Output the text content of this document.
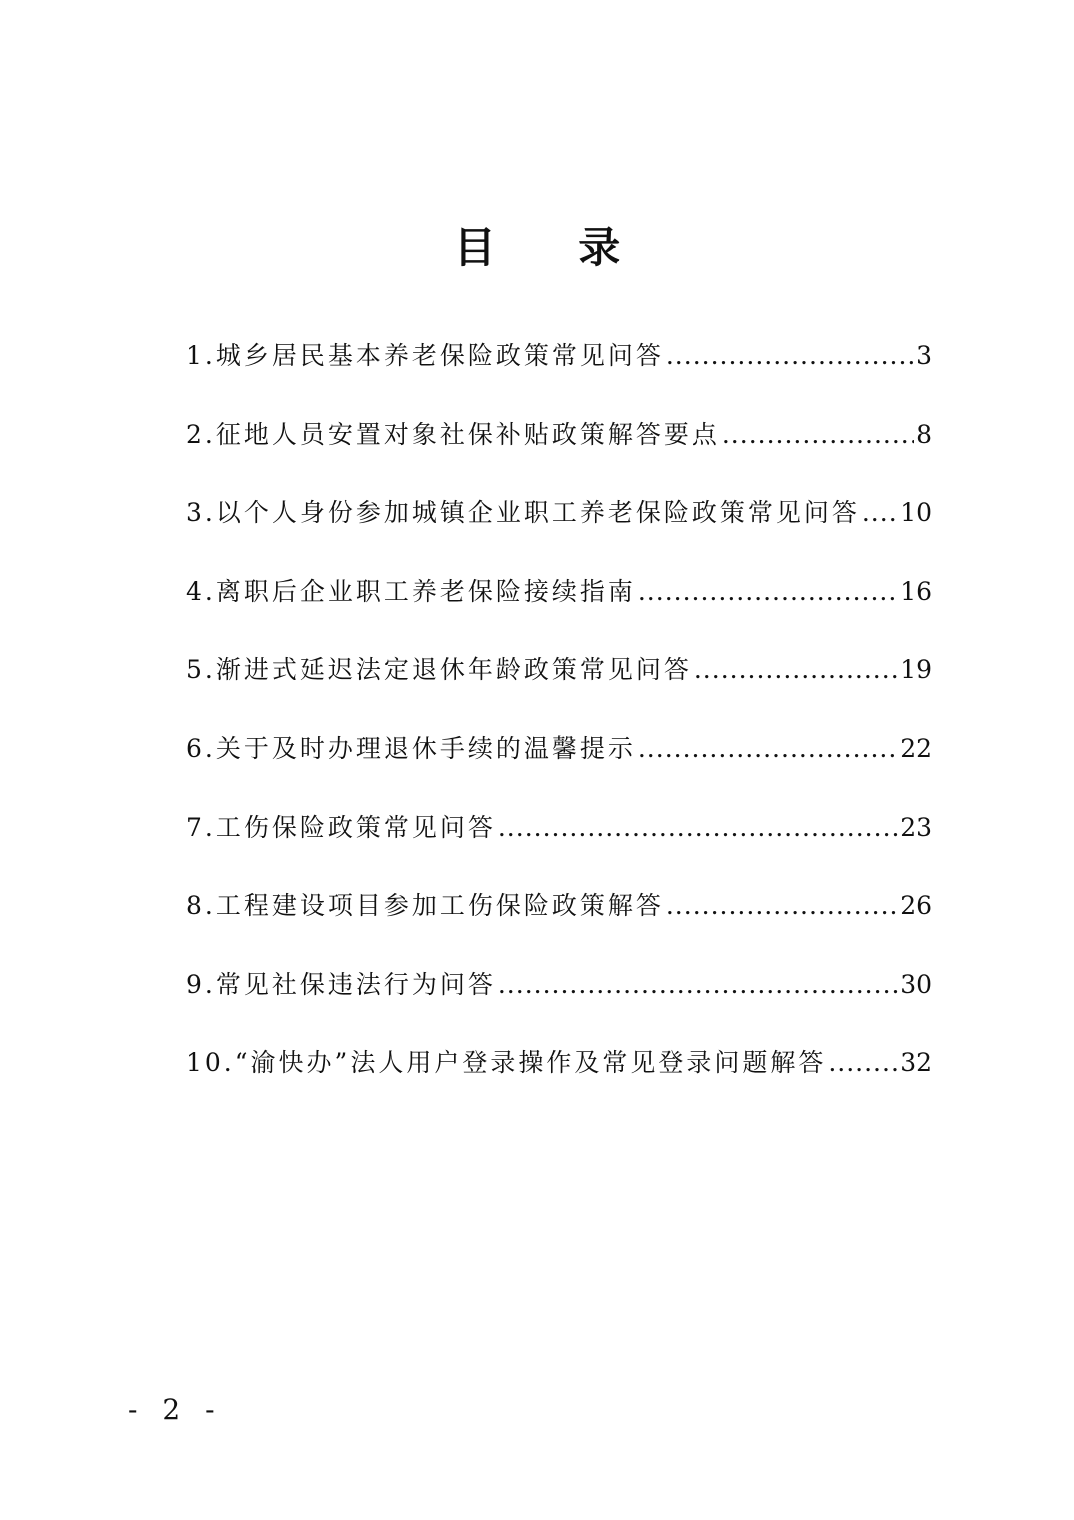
目 录
1.城乡居民基本养老保险政策常见问答 .....	3
2.征地人员安置对象社保补贴政策解答要点 .....	8
3.以个人身份参加城镇企业职工养老保险政策常见问答 ..... 10
4.离职后企业职工养老保险接续指南 .....	16
5.渐进式延迟法定退休年龄政策常见问答 .....	19
6.关于及时办理退休手续的温馨提示 .....	22
7.工伤保险政策常见问答 .....	23
8.工程建设项目参加工伤保险政策解答 .....	26
9.常见社保违法行为问答 .....	30
10.“渝快办”法人用户登录操作及常见登录问题解答 .....	32
- 2 -
